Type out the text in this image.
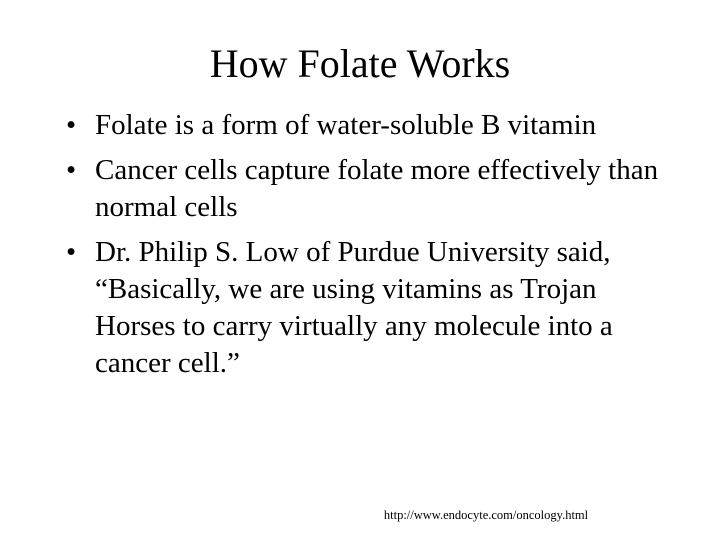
How Folate Works
• Folate is a form of water-soluble B vitamin
• Cancer cells capture folate more effectively than normal cells
• Dr. Philip S. Low of Purdue University said, “Basically, we are using vitamins as Trojan Horses to carry virtually any molecule into a cancer cell.”
http://www.endocyte.com/oncology.html
